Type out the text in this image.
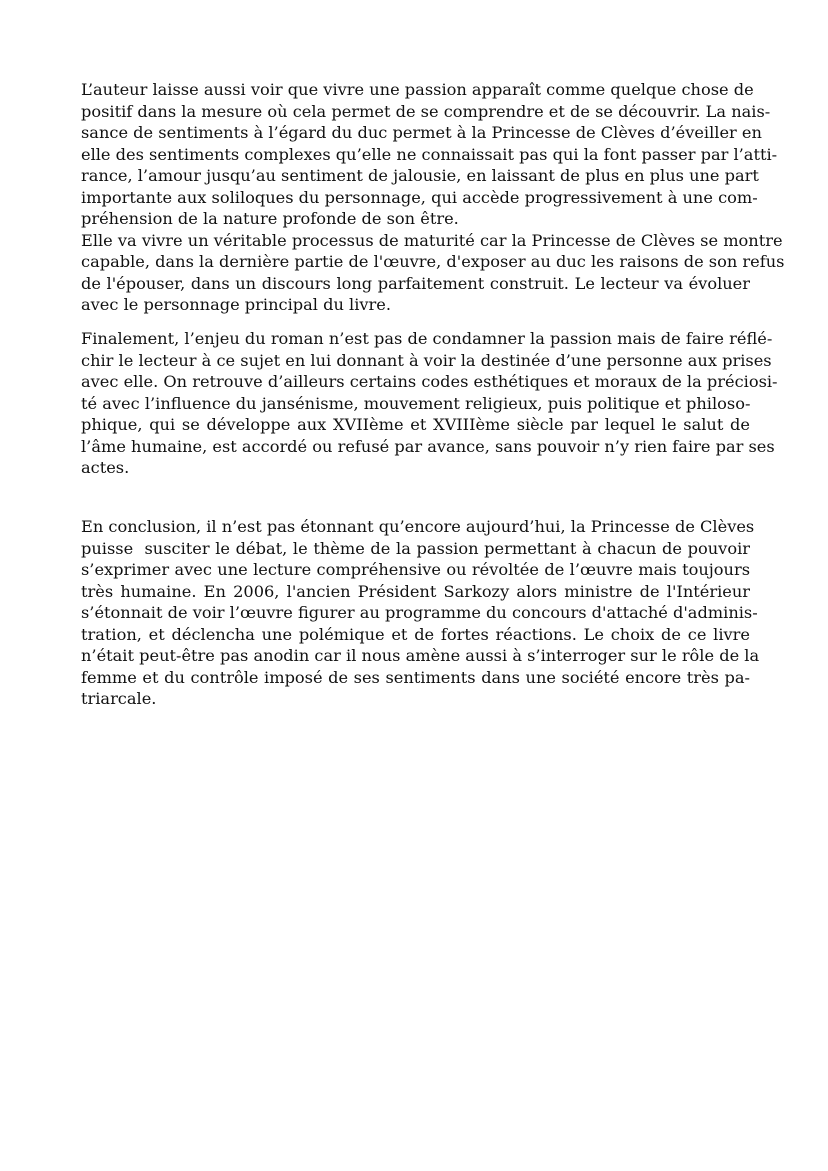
L’auteur laisse aussi voir que vivre une passion apparaît comme quelque chose de
positif dans la mesure où cela permet de se comprendre et de se découvrir. La nais-
sance de sentiments à l’égard du duc permet à la Princesse de Clèves d’éveiller en
elle des sentiments complexes qu’elle ne connaissait pas qui la font passer par l’atti-
rance, l’amour jusqu’au sentiment de jalousie, en laissant de plus en plus une part
importante aux soliloques du personnage, qui accède progressivement à une com-
préhension de la nature profonde de son être.
Elle va vivre un véritable processus de maturité car la Princesse de Clèves se montre
capable, dans la dernière partie de l'œuvre, d'exposer au duc les raisons de son refus
de l'épouser, dans un discours long parfaitement construit. Le lecteur va évoluer
avec le personnage principal du livre.
Finalement, l’enjeu du roman n’est pas de condamner la passion mais de faire réflé-
chir le lecteur à ce sujet en lui donnant à voir la destinée d’une personne aux prises
avec elle. On retrouve d’ailleurs certains codes esthétiques et moraux de la préciosi-
té avec l’influence du jansénisme, mouvement religieux, puis politique et philoso-
phique, qui se développe aux XVIIème et XVIIIème siècle par lequel le salut de
l’âme humaine, est accordé ou refusé par avance, sans pouvoir n’y rien faire par ses
actes.
En conclusion, il n’est pas étonnant qu’encore aujourd’hui, la Princesse de Clèves
puisse  susciter le débat, le thème de la passion permettant à chacun de pouvoir
s’exprimer avec une lecture compréhensive ou révoltée de l’œuvre mais toujours
très humaine. En 2006, l'ancien Président Sarkozy alors ministre de l'Intérieur
s’étonnait de voir l’œuvre figurer au programme du concours d'attaché d'adminis-
tration, et déclencha une polémique et de fortes réactions. Le choix de ce livre
n’était peut-être pas anodin car il nous amène aussi à s’interroger sur le rôle de la
femme et du contrôle imposé de ses sentiments dans une société encore très pa-
triarcale.
